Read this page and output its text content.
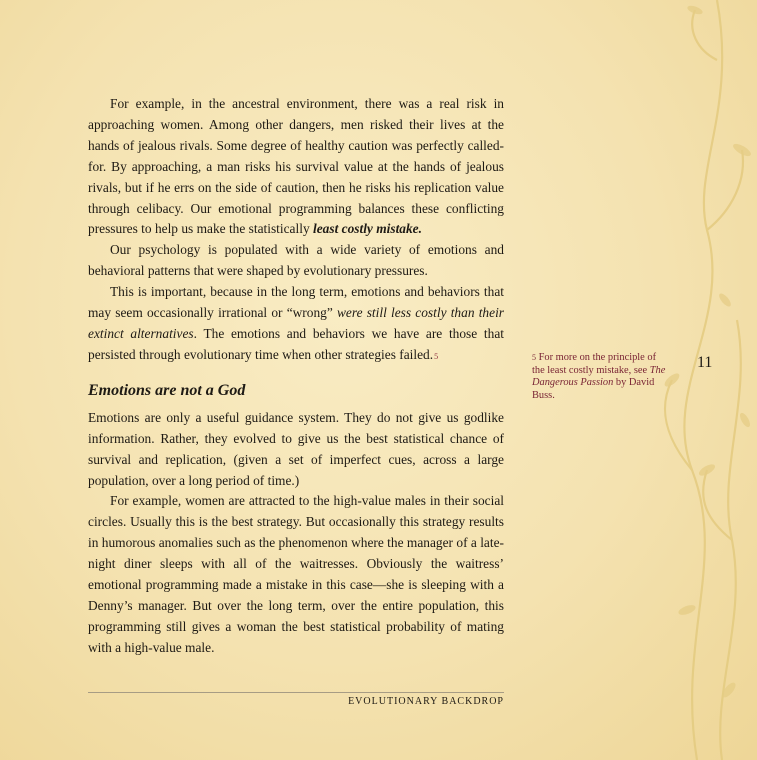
For example, in the ancestral environment, there was a real risk in approaching women. Among other dangers, men risked their lives at the hands of jealous rivals. Some degree of healthy caution was perfectly called-for. By approaching, a man risks his survival value at the hands of jealous rivals, but if he errs on the side of caution, then he risks his replication value through celibacy. Our emotional programming balances these conflicting pressures to help us make the statistically least costly mistake.

Our psychology is populated with a wide variety of emotions and behavioral patterns that were shaped by evolutionary pressures.

This is important, because in the long term, emotions and behaviors that may seem occasionally irrational or “wrong” were still less costly than their extinct alternatives. The emotions and behaviors we have are those that persisted through evolutionary time when other strategies failed.5

Emotions are not a God

Emotions are only a useful guidance system. They do not give us godlike information. Rather, they evolved to give us the best statistical chance of survival and replication, (given a set of imperfect cues, across a large population, over a long period of time.)

For example, women are attracted to the high-value males in their social circles. Usually this is the best strategy. But occasionally this strategy results in humorous anomalies such as the phenomenon where the manager of a late-night diner sleeps with all of the waitresses. Obviously the waitress’ emotional programming made a mistake in this case—she is sleeping with a Denny’s manager. But over the long term, over the entire population, this programming still gives a woman the best statistical probability of mating with a high-value male.

5 For more on the principle of the least costly mistake, see The Dangerous Passion by David Buss.
11
EVOLUTIONARY BACKDROP
